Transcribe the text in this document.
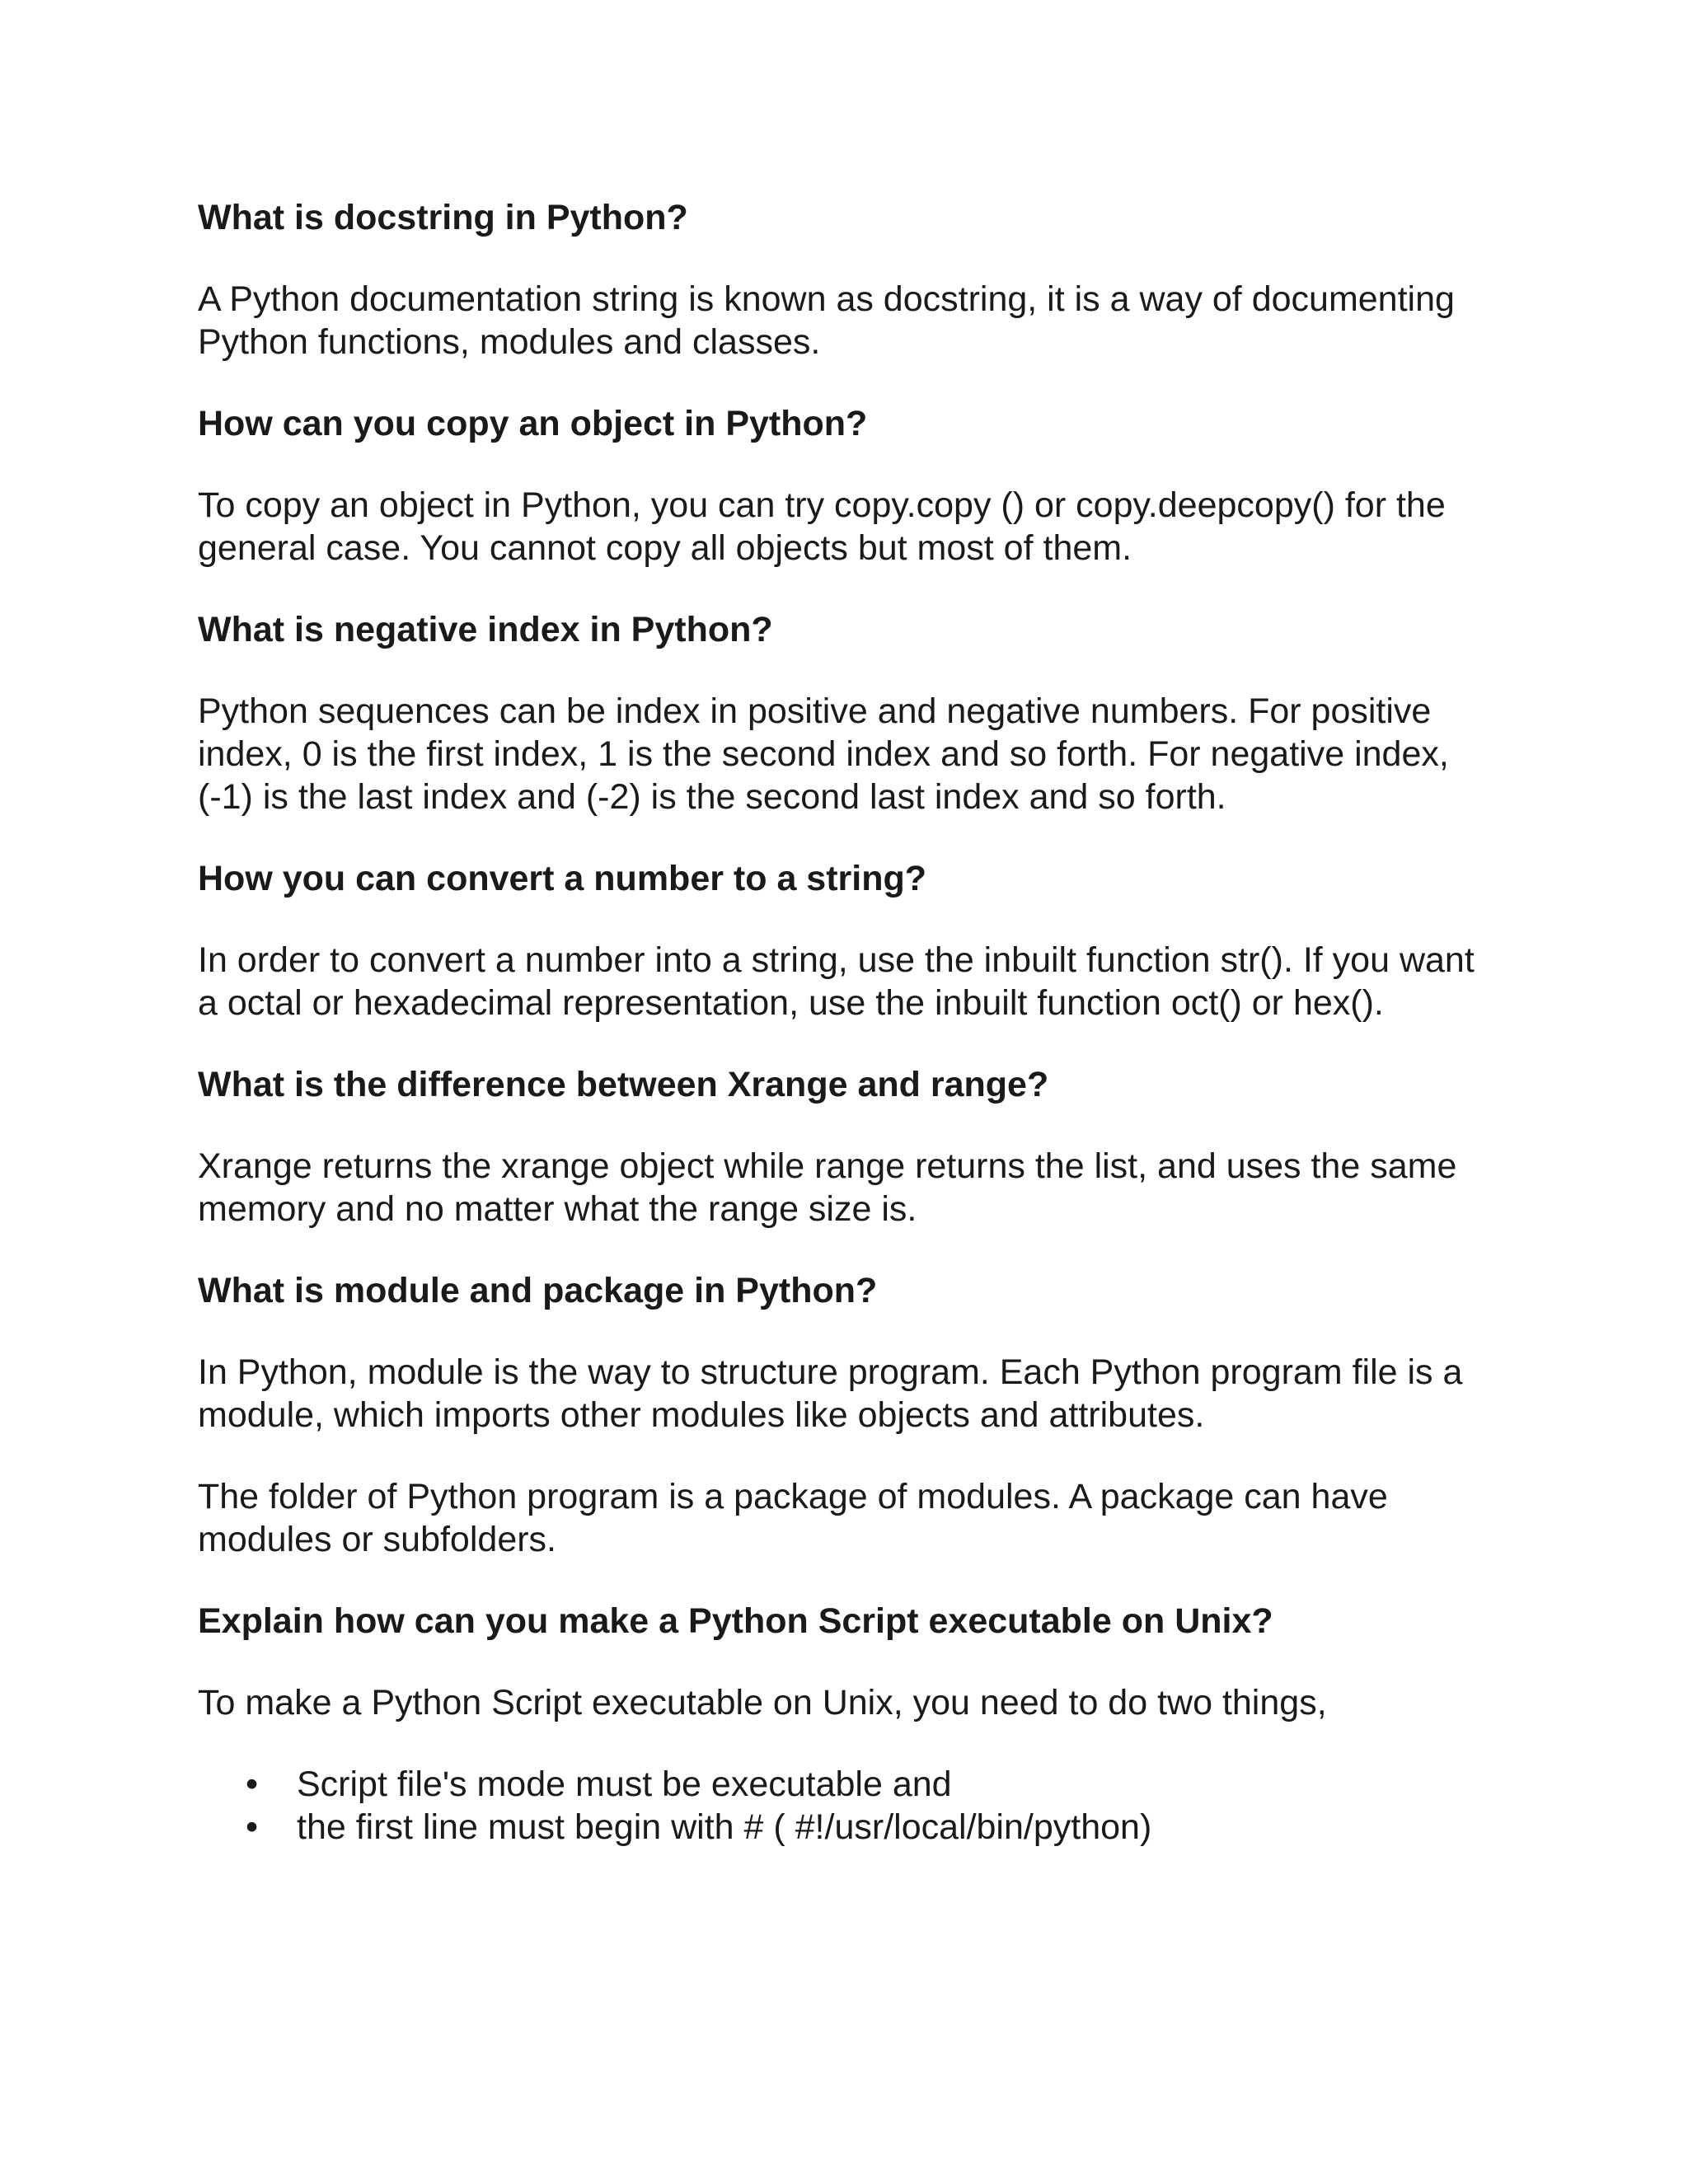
What is docstring in Python?

A Python documentation string is known as docstring, it is a way of documenting Python functions, modules and classes.

How can you copy an object in Python?

To copy an object in Python, you can try copy.copy () or copy.deepcopy() for the general case. You cannot copy all objects but most of them.

What is negative index in Python?

Python sequences can be index in positive and negative numbers. For positive index, 0 is the first index, 1 is the second index and so forth. For negative index, (-1) is the last index and (-2) is the second last index and so forth.

How you can convert a number to a string?

In order to convert a number into a string, use the inbuilt function str(). If you want a octal or hexadecimal representation, use the inbuilt function oct() or hex().

What is the difference between Xrange and range?

Xrange returns the xrange object while range returns the list, and uses the same memory and no matter what the range size is.

What is module and package in Python?

In Python, module is the way to structure program. Each Python program file is a module, which imports other modules like objects and attributes.

The folder of Python program is a package of modules. A package can have modules or subfolders.

Explain how can you make a Python Script executable on Unix?

To make a Python Script executable on Unix, you need to do two things,

• Script file's mode must be executable and
• the first line must begin with # ( #!/usr/local/bin/python)
